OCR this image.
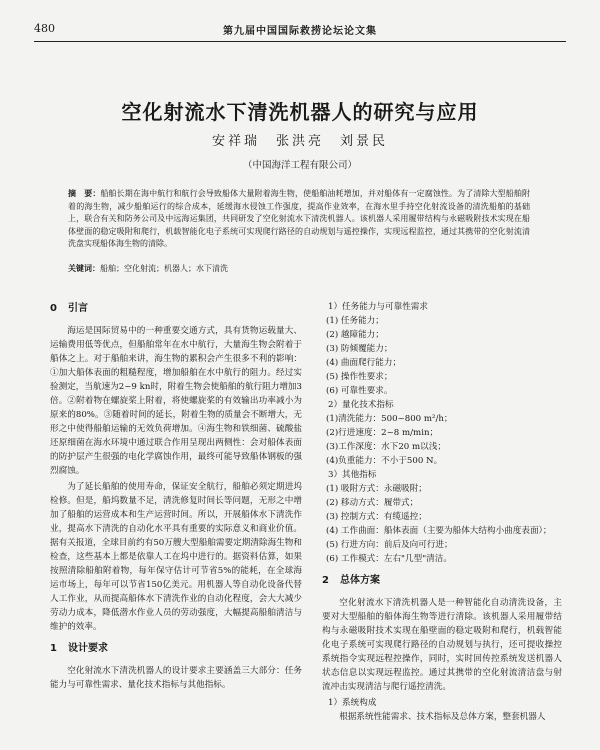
480	第九届中国国际救捞论坛论文集
空化射流水下清洗机器人的研究与应用
安祥瑞　张洪亮　刘景民
（中国海洋工程有限公司）
摘　要：船舶长期在海中航行和航行会导致船体大量附着海生物，使船舶油耗增加，并对船体有一定腐蚀性。为了清除大型船舶附着的海生物，减少船舶运行的综合成本，延缓海水侵蚀工作强度，提高作业效率，在海水里手持空化射流设备的清洗船舶的基础上，联合有关和防务公司及中远海运集团，共同研发了空化射流水下清洗机器人。该机器人采用履带结构与永磁吸附技术实现在船体壁面的稳定吸附和爬行，机载智能化电子系统可实现爬行路径的自动规划与遥控操作，实现远程监控，通过其携带的空化射流清洗盘实现船体海生物的清除。
关键词：船舶；空化射流；机器人；水下清洗
0 引言

海运是国际贸易中的一种重要交通方式，具有货物运载量大、运输费用低等优点，但船舶常年在水中航行，大量海生物会附着于船体之上。对于船舶来讲，海生物的累积会产生很多不利的影响：①加大船体表面的粗糙程度，增加船舶在水中航行的阻力。经过实验测定，当航速为2~9 kn时，附着生物会使船舶的航行阻力增加3倍。②附着物在螺旋桨上附着，将使螺旋桨的有效输出功率减小为原来的80%。③随着时间的延长，附着生物的质量会不断增大，无形之中使得船舶运输的无效负荷增加。④海生物和铁细菌、硫酸盐还原细菌在海水环境中通过联合作用呈现出两侧性：会对船体表面的防护层产生很强的电化学腐蚀作用，最终可能导致船体钢板的强烈腐蚀。

为了延长船舶的使用寿命，保证安全航行，船舶必须定期进坞检修。但是，船坞数量不足，清洗修复时间长等问题，无形之中增加了船舶的运营成本和生产运营时间。所以，开展船体水下清洗作业，提高水下清洗的自动化水平具有重要的实际意义和商业价值。据有关报道，全球目前约有50万艘大型船舶需要定期清除海生物和检查，这些基本上都是依靠人工在坞中进行的。据资料估算，如果按照清除船舶附着物，每年保守估计可节省5%的能耗，在全球海运市场上，每年可以节省150亿美元。用机器人等自动化设备代替人工作业，从而提高船体水下清洗作业的自动化程度，会大大减少劳动力成本，降低潜水作业人员的劳动强度，大幅提高船舶清洁与维护的效率。

1 设计要求

空化射流水下清洗机器人的设计要求主要涵盖三大部分：任务能力与可靠性需求、量化技术指标与其他指标。

1）任务能力与可靠性需求

(1) 任务能力；

(2) 越障能力；

(3) 防倾覆能力；

(4) 曲面爬行能力；

(5) 操作性要求；

(6) 可靠性要求。

2）量化技术指标

(1)清洗能力：500~800 m²/h；

(2)行进速度：2~8 m/min；

(3)工作深度：水下20 m以浅；

(4)负重能力：不小于500 N。

3）其他指标

(1) 吸附方式：永磁吸附；

(2) 移动方式：履带式；

(3) 控制方式：有缆遥控；

(4) 工作曲面：船体表面（主要为船体大结构小曲度表面）；

(5) 行进方向：前后及向可行进；

(6) 工作模式：左右"几型"清洁。

2 总体方案

空化射流水下清洗机器人是一种智能化自动清洗设备，主要对大型船舶的船体海生物等进行清除。该机器人采用履带结构与永磁吸附技术实现在船壁面的稳定吸附和爬行，机载智能化电子系统可实现爬行路径的自动规划与执行，还可提收操控系统指令实现远程控操作，同时，实时回传控系统发送机器人状态信息以实现远程监控。通过其携带的空化射流清洁盘与射流冲击实现清洁与爬行遥控清洗。

1）系统构成

根据系统性能需求、技术指标及总体方案，整套机器人
